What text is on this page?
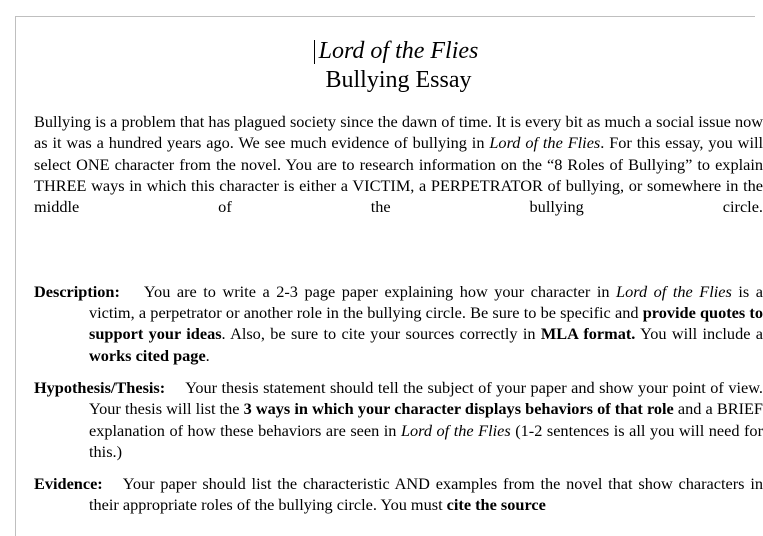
Lord of the Flies
Bullying Essay
Bullying is a problem that has plagued society since the dawn of time. It is every bit as much a social issue now as it was a hundred years ago. We see much evidence of bullying in Lord of the Flies. For this essay, you will select ONE character from the novel. You are to research information on the “8 Roles of Bullying” to explain THREE ways in which this character is either a VICTIM, a PERPETRATOR of bullying, or somewhere in the middle of the bullying circle.
Description: You are to write a 2-3 page paper explaining how your character in Lord of the Flies is a victim, a perpetrator or another role in the bullying circle. Be sure to be specific and provide quotes to support your ideas. Also, be sure to cite your sources correctly in MLA format. You will include a works cited page.
Hypothesis/Thesis: Your thesis statement should tell the subject of your paper and show your point of view. Your thesis will list the 3 ways in which your character displays behaviors of that role and a BRIEF explanation of how these behaviors are seen in Lord of the Flies (1-2 sentences is all you will need for this.)
Evidence: Your paper should list the characteristic AND examples from the novel that show characters in their appropriate roles of the bullying circle. You must cite the source
